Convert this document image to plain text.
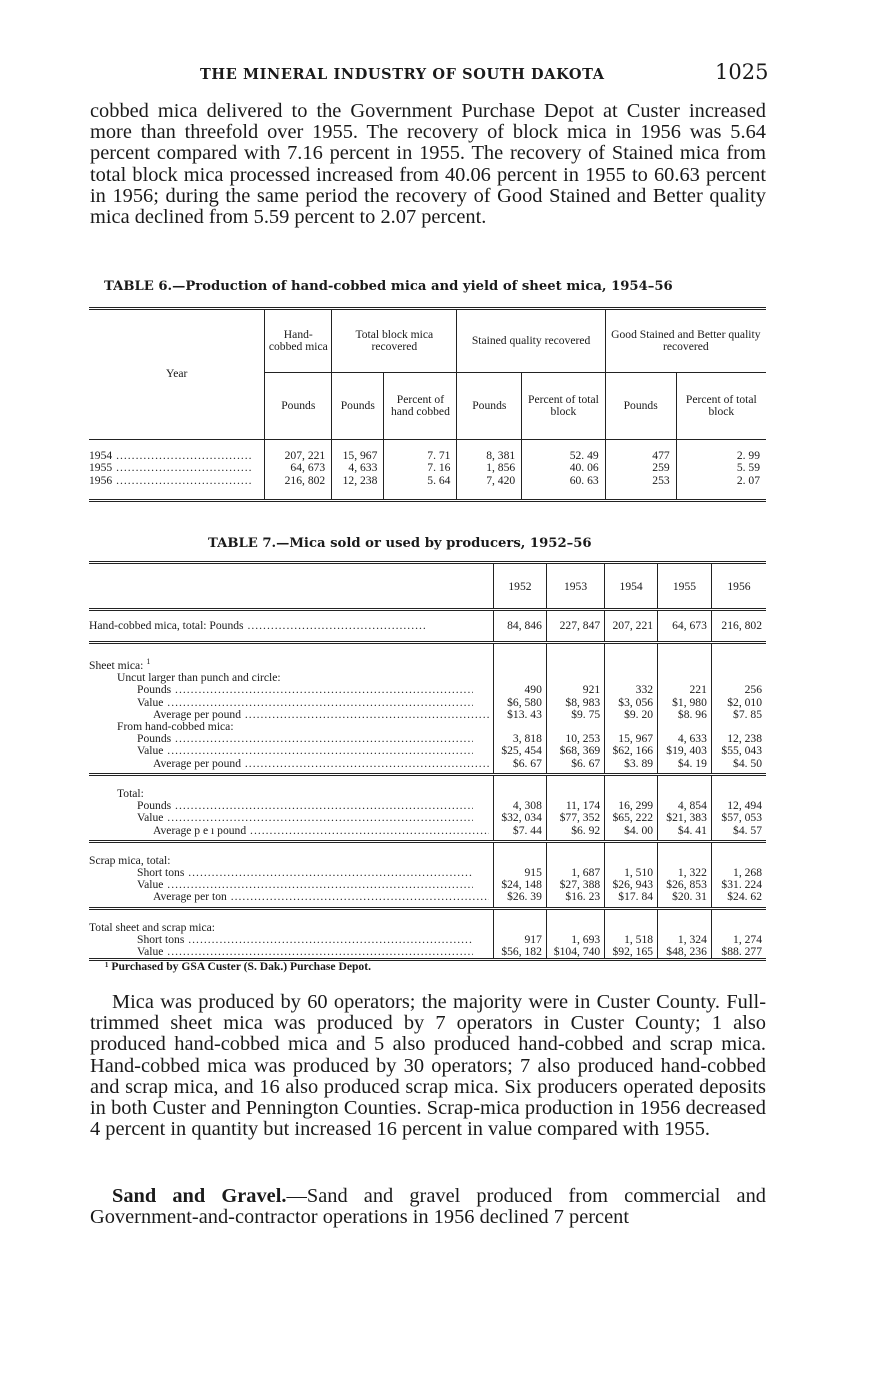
THE MINERAL INDUSTRY OF SOUTH DAKOTA	1025

cobbed mica delivered to the Government Purchase Depot at Custer increased more than threefold over 1955. The recovery of block mica in 1956 was 5.64 percent compared with 7.16 percent in 1955. The recovery of Stained mica from total block mica processed increased from 40.06 percent in 1955 to 60.63 percent in 1956; during the same period the recovery of Good Stained and Better quality mica declined from 5.59 percent to 2.07 percent.

TABLE 6.—Production of hand-cobbed mica and yield of sheet mica, 1954–56
Year	Hand-cobbed mica	Total block mica recovered		Stained quality recovered		Good Stained and Better quality recovered	
	Pounds	Pounds	Percent of hand cobbed	Pounds	Percent of total block	Pounds	Percent of total block

1954 .....	207, 221	15, 967	7. 71	8, 381	52. 49	477	2. 99

1955 .....	64, 673	4, 633	7. 16	1, 856	40. 06	259	5. 59

1956 .....	216, 802	12, 238	5. 64	7, 420	60. 63	253	2. 07
TABLE 7.—Mica sold or used by producers, 1952–56
	1952	1953	1954	1955	1956

Hand-cobbed mica, total: Pounds .....	84, 846	227, 847	207, 221	64, 673	216, 802

Sheet mica: $^1$

Uncut larger than punch and circle:					

Pounds .....	490	921	332	221	256

Value .....	$6, 580	$8, 983	$3, 056	$1, 980	$2, 010

Average per pound .....	$13. 43	$9. 75	$9. 20	$8. 96	$7. 85

From hand-cobbed mica:					

Pounds .....	3, 818	10, 253	15, 967	4, 633	12, 238

Value .....	$25, 454	$68, 369	$62, 166	$19, 403	$55, 043

Average per pound .....	$6. 67	$6. 67	$3. 89	$4. 19	$4. 50

Total:					

Pounds .....	4, 308	11, 174	16, 299	4, 854	12, 494

Value .....	$32, 034	$77, 352	$65, 222	$21, 383	$57, 053

Average p e ı pound .....	$7. 44	$6. 92	$4. 00	$4. 41	$4. 57

Scrap mica, total:					

Short tons .....	915	1, 687	1, 510	1, 322	1, 268

Value .....	$24, 148	$27, 388	$26, 943	$26, 853	$31. 224

Average per ton .....	$26. 39	$16. 23	$17. 84	$20. 31	$24. 62

Total sheet and scrap mica:					

Short tons .....	917	1, 693	1, 518	1, 324	1, 274

Value .....	$56, 182	$104, 740	$92, 165	$48, 236	$88. 277
¹ Purchased by GSA Custer (S. Dak.) Purchase Depot.

Mica was produced by 60 operators; the majority were in Custer County. Full-trimmed sheet mica was produced by 7 operators in Custer County; 1 also produced hand-cobbed mica and 5 also produced hand-cobbed and scrap mica. Hand-cobbed mica was produced by 30 operators; 7 also produced hand-cobbed and scrap mica, and 16 also produced scrap mica. Six producers operated deposits in both Custer and Pennington Counties. Scrap-mica production in 1956 decreased 4 percent in quantity but increased 16 percent in value compared with 1955.

Sand and Gravel.—Sand and gravel produced from commercial and Government-and-contractor operations in 1956 declined 7 percent
